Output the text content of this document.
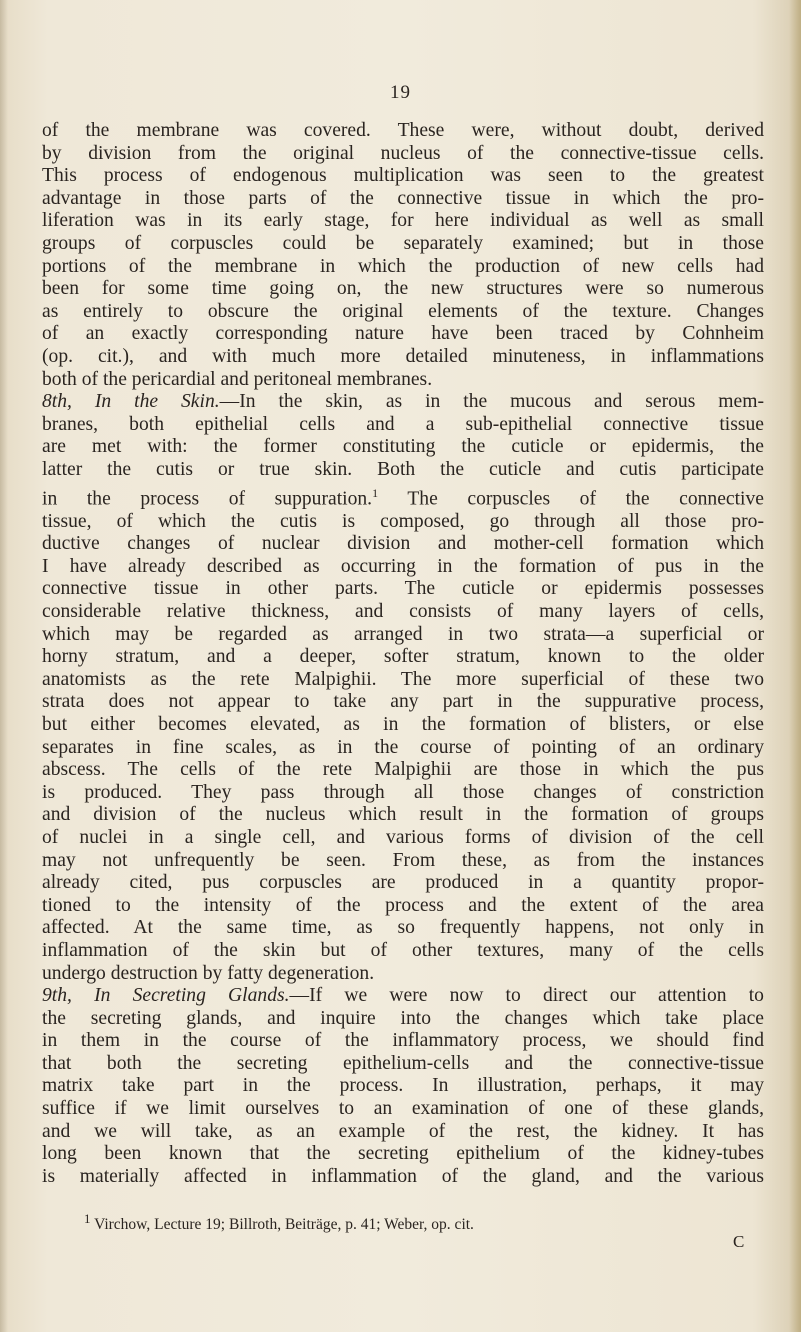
19
of the membrane was covered. These were, without doubt, derived
by division from the original nucleus of the connective-tissue cells.
This process of endogenous multiplication was seen to the greatest
advantage in those parts of the connective tissue in which the pro-
liferation was in its early stage, for here individual as well as small
groups of corpuscles could be separately examined; but in those
portions of the membrane in which the production of new cells had
been for some time going on, the new structures were so numerous
as entirely to obscure the original elements of the texture. Changes
of an exactly corresponding nature have been traced by Cohnheim
(op. cit.), and with much more detailed minuteness, in inflammations
both of the pericardial and peritoneal membranes.
8th, In the Skin.—In the skin, as in the mucous and serous mem-
branes, both epithelial cells and a sub-epithelial connective tissue
are met with: the former constituting the cuticle or epidermis, the
latter the cutis or true skin. Both the cuticle and cutis participate
in the process of suppuration.$^1$ The corpuscles of the connective
tissue, of which the cutis is composed, go through all those pro-
ductive changes of nuclear division and mother-cell formation which
I have already described as occurring in the formation of pus in the
connective tissue in other parts. The cuticle or epidermis possesses
considerable relative thickness, and consists of many layers of cells,
which may be regarded as arranged in two strata—a superficial or
horny stratum, and a deeper, softer stratum, known to the older
anatomists as the rete Malpighii. The more superficial of these two
strata does not appear to take any part in the suppurative process,
but either becomes elevated, as in the formation of blisters, or else
separates in fine scales, as in the course of pointing of an ordinary
abscess. The cells of the rete Malpighii are those in which the pus
is produced. They pass through all those changes of constriction
and division of the nucleus which result in the formation of groups
of nuclei in a single cell, and various forms of division of the cell
may not unfrequently be seen. From these, as from the instances
already cited, pus corpuscles are produced in a quantity propor-
tioned to the intensity of the process and the extent of the area
affected. At the same time, as so frequently happens, not only in
inflammation of the skin but of other textures, many of the cells
undergo destruction by fatty degeneration.
9th, In Secreting Glands.—If we were now to direct our attention to
the secreting glands, and inquire into the changes which take place
in them in the course of the inflammatory process, we should find
that both the secreting epithelium-cells and the connective-tissue
matrix take part in the process. In illustration, perhaps, it may
suffice if we limit ourselves to an examination of one of these glands,
and we will take, as an example of the rest, the kidney. It has
long been known that the secreting epithelium of the kidney-tubes
is materially affected in inflammation of the gland, and the various
$^1$ Virchow, Lecture 19; Billroth, Beiträge, p. 41; Weber, op. cit.
C
